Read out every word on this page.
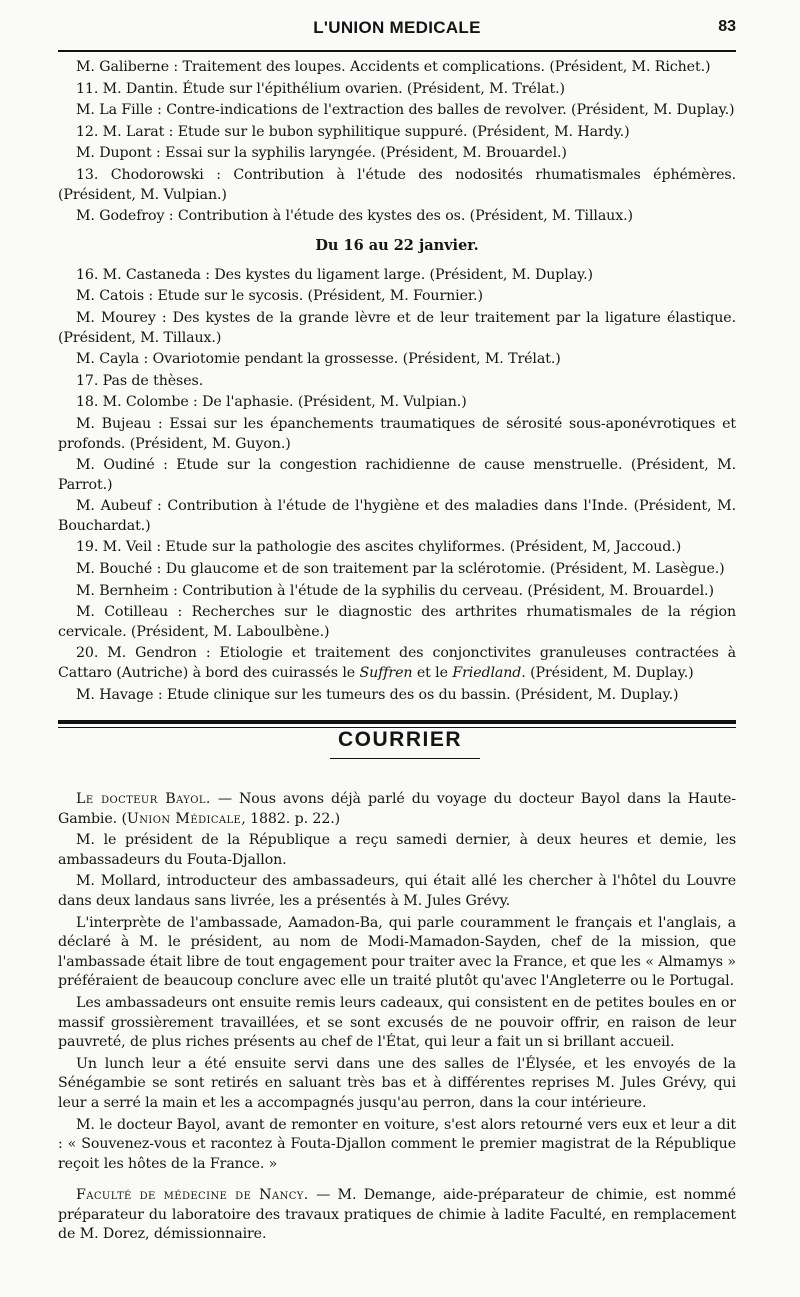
L'UNION MEDICALE	83

M. Galiberne : Traitement des loupes. Accidents et complications. (Président, M. Richet.)

11. M. Dantin. Étude sur l'épithélium ovarien. (Président, M. Trélat.)

M. La Fille : Contre-indications de l'extraction des balles de revolver. (Président, M. Duplay.)

12. M. Larat : Etude sur le bubon syphilitique suppuré. (Président, M. Hardy.)

M. Dupont : Essai sur la syphilis laryngée. (Président, M. Brouardel.)

13. Chodorowski : Contribution à l'étude des nodosités rhumatismales éphémères. (Président, M. Vulpian.)

M. Godefroy : Contribution à l'étude des kystes des os. (Président, M. Tillaux.)

Du 16 au 22 janvier.

16. M. Castaneda : Des kystes du ligament large. (Président, M. Duplay.)

M. Catois : Etude sur le sycosis. (Président, M. Fournier.)

M. Mourey : Des kystes de la grande lèvre et de leur traitement par la ligature élastique. (Président, M. Tillaux.)

M. Cayla : Ovariotomie pendant la grossesse. (Président, M. Trélat.)

17. Pas de thèses.

18. M. Colombe : De l'aphasie. (Président, M. Vulpian.)

M. Bujeau : Essai sur les épanchements traumatiques de sérosité sous-aponévrotiques et profonds. (Président, M. Guyon.)

M. Oudiné : Etude sur la congestion rachidienne de cause menstruelle. (Président, M. Parrot.)

M. Aubeuf : Contribution à l'étude de l'hygiène et des maladies dans l'Inde. (Président, M. Bouchardat.)

19. M. Veil : Etude sur la pathologie des ascites chyliformes. (Président, M, Jaccoud.)

M. Bouché : Du glaucome et de son traitement par la sclérotomie. (Président, M. Lasègue.)

M. Bernheim : Contribution à l'étude de la syphilis du cerveau. (Président, M. Brouardel.)

M. Cotilleau : Recherches sur le diagnostic des arthrites rhumatismales de la région cervicale. (Président, M. Laboulbène.)

20. M. Gendron : Etiologie et traitement des conjonctivites granuleuses contractées à Cattaro (Autriche) à bord des cuirassés le Suffren et le Friedland. (Président, M. Duplay.)

M. Havage : Etude clinique sur les tumeurs des os du bassin. (Président, M. Duplay.)

COURRIER

Le docteur Bayol. — Nous avons déjà parlé du voyage du docteur Bayol dans la Haute-Gambie. (Union Médicale, 1882. p. 22.)

M. le président de la République a reçu samedi dernier, à deux heures et demie, les ambassadeurs du Fouta-Djallon.

M. Mollard, introducteur des ambassadeurs, qui était allé les chercher à l'hôtel du Louvre dans deux landaus sans livrée, les a présentés à M. Jules Grévy.

L'interprète de l'ambassade, Aamadon-Ba, qui parle couramment le français et l'anglais, a déclaré à M. le président, au nom de Modi-Mamadon-Sayden, chef de la mission, que l'ambassade était libre de tout engagement pour traiter avec la France, et que les « Almamys » préféraient de beaucoup conclure avec elle un traité plutôt qu'avec l'Angleterre ou le Portugal.

Les ambassadeurs ont ensuite remis leurs cadeaux, qui consistent en de petites boules en or massif grossièrement travaillées, et se sont excusés de ne pouvoir offrir, en raison de leur pauvreté, de plus riches présents au chef de l'État, qui leur a fait un si brillant accueil.

Un lunch leur a été ensuite servi dans une des salles de l'Élysée, et les envoyés de la Sénégambie se sont retirés en saluant très bas et à différentes reprises M. Jules Grévy, qui leur a serré la main et les a accompagnés jusqu'au perron, dans la cour intérieure.

M. le docteur Bayol, avant de remonter en voiture, s'est alors retourné vers eux et leur a dit : « Souvenez-vous et racontez à Fouta-Djallon comment le premier magistrat de la République reçoit les hôtes de la France. »

Faculté de médecine de Nancy. — M. Demange, aide-préparateur de chimie, est nommé préparateur du laboratoire des travaux pratiques de chimie à ladite Faculté, en remplacement de M. Dorez, démissionnaire.
